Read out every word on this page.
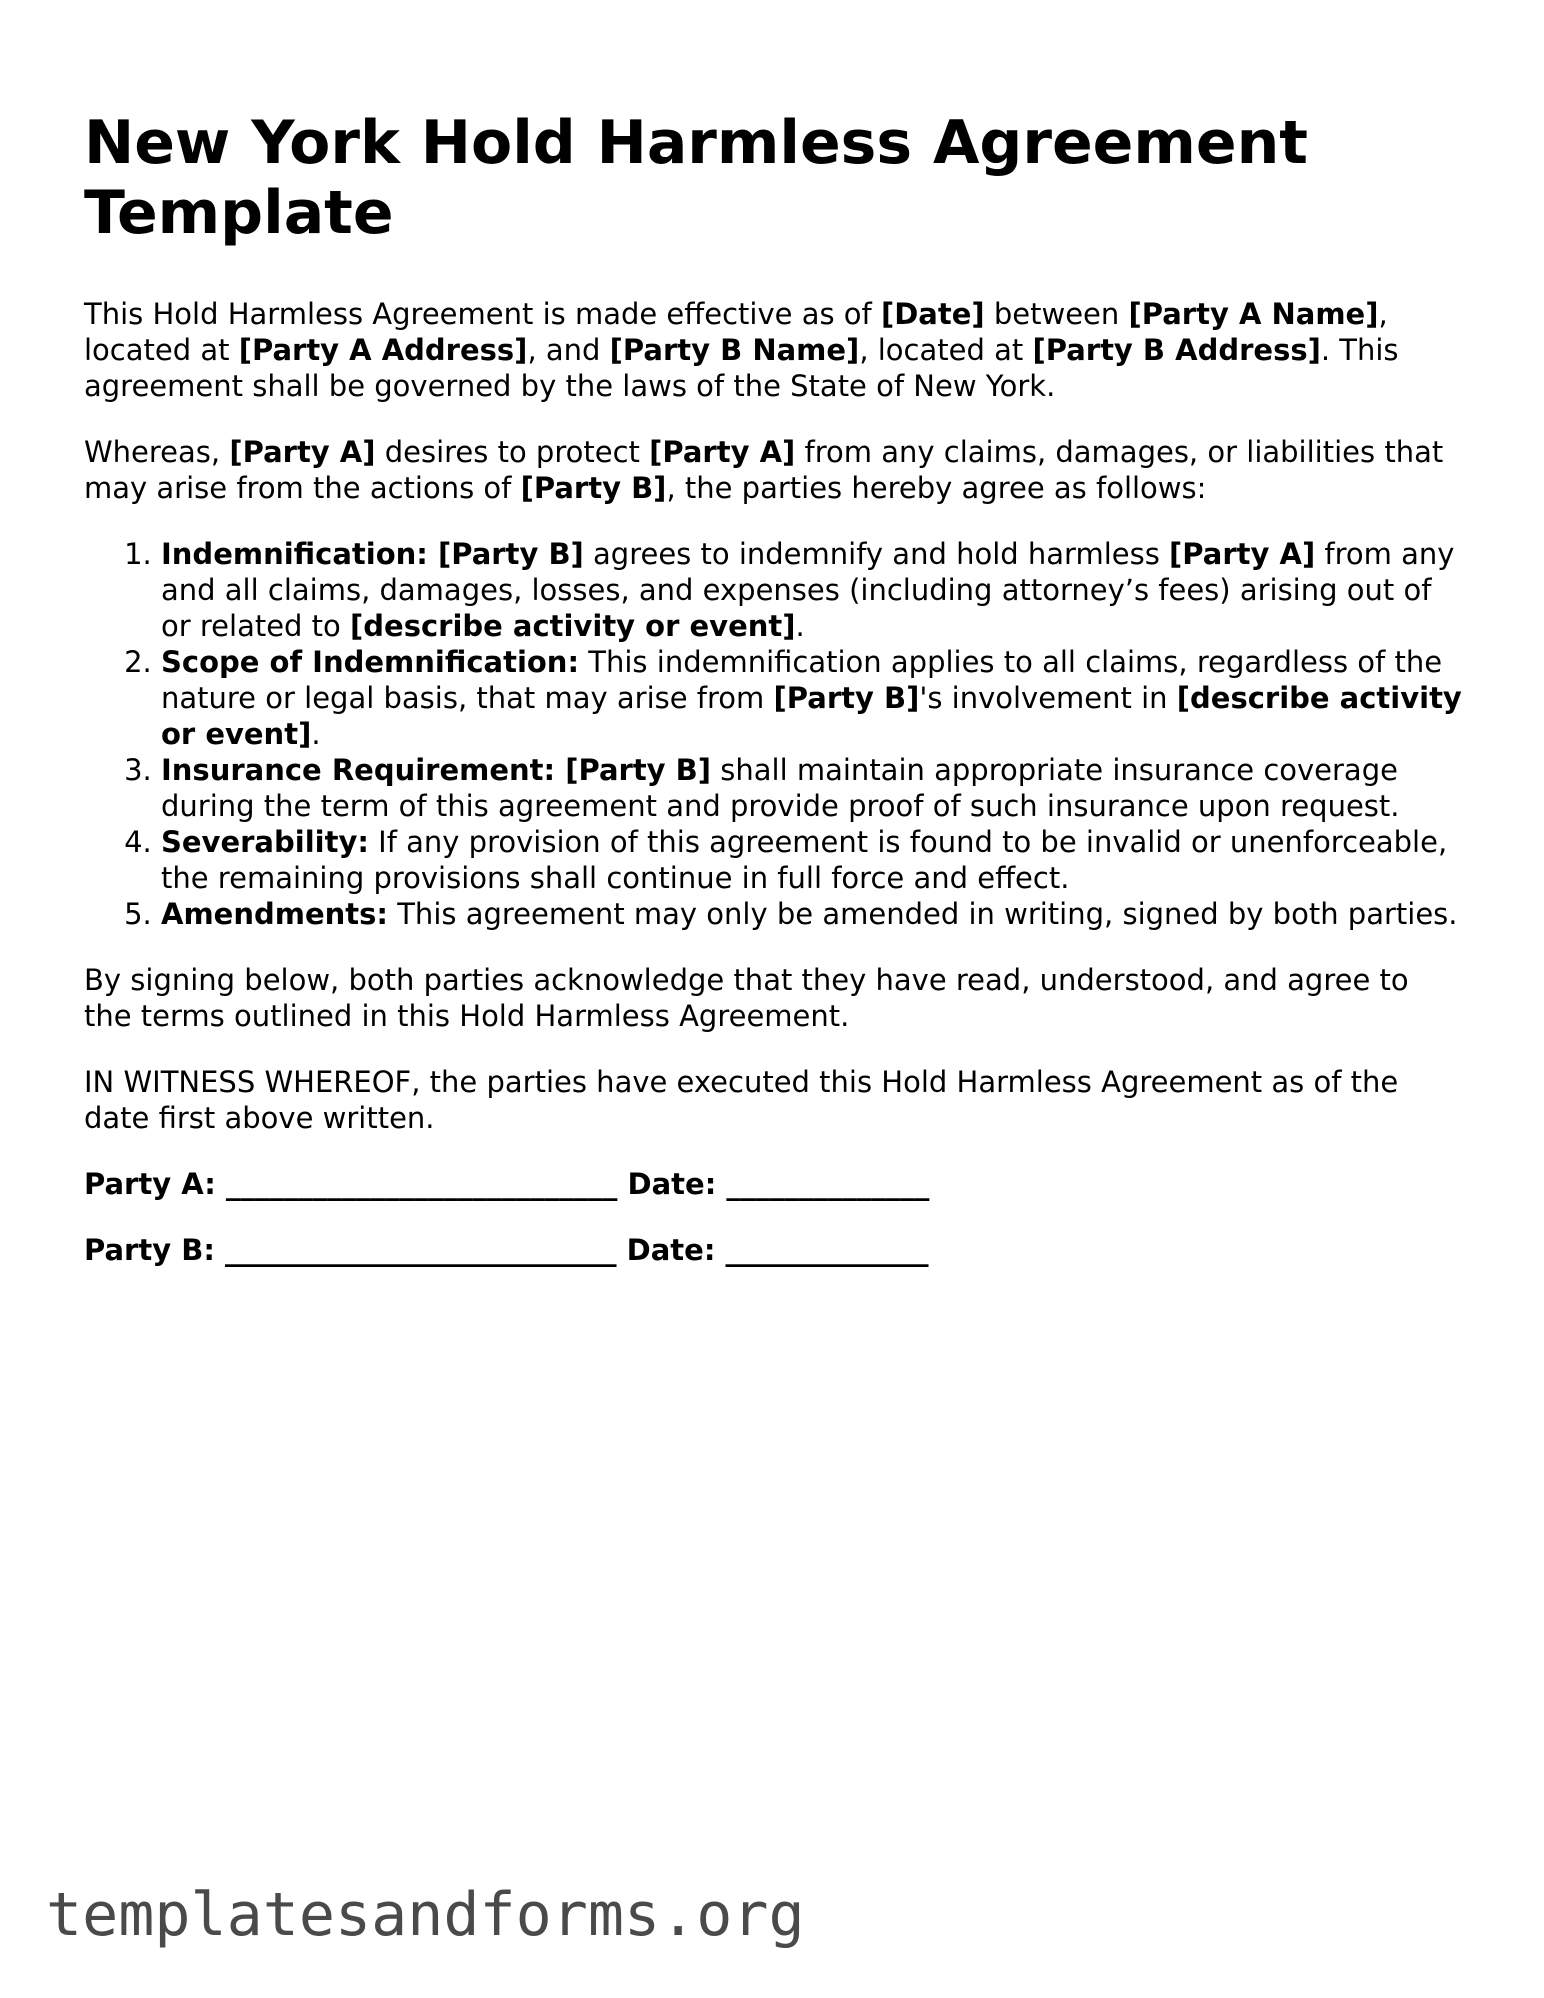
New York Hold Harmless Agreement Template

This Hold Harmless Agreement is made effective as of [Date] between [Party A Name], located at [Party A Address], and [Party B Name], located at [Party B Address]. This agreement shall be governed by the laws of the State of New York.

Whereas, [Party A] desires to protect [Party A] from any claims, damages, or liabilities that may arise from the actions of [Party B], the parties hereby agree as follows:

1. Indemnification: [Party B] agrees to indemnify and hold harmless [Party A] from any and all claims, damages, losses, and expenses (including attorney’s fees) arising out of or related to [describe activity or event].
2. Scope of Indemnification: This indemnification applies to all claims, regardless of the nature or legal basis, that may arise from [Party B]'s involvement in [describe activity or event].
3. Insurance Requirement: [Party B] shall maintain appropriate insurance coverage during the term of this agreement and provide proof of such insurance upon request.
4. Severability: If any provision of this agreement is found to be invalid or unenforceable, the remaining provisions shall continue in full force and effect.
5. Amendments: This agreement may only be amended in writing, signed by both parties.

By signing below, both parties acknowledge that they have read, understood, and agree to the terms outlined in this Hold Harmless Agreement.

IN WITNESS WHEREOF, the parties have executed this Hold Harmless Agreement as of the date first above written.

Party A: ___________________________ Date: ______________
Party B: ___________________________ Date: ______________
templatesandforms.org
